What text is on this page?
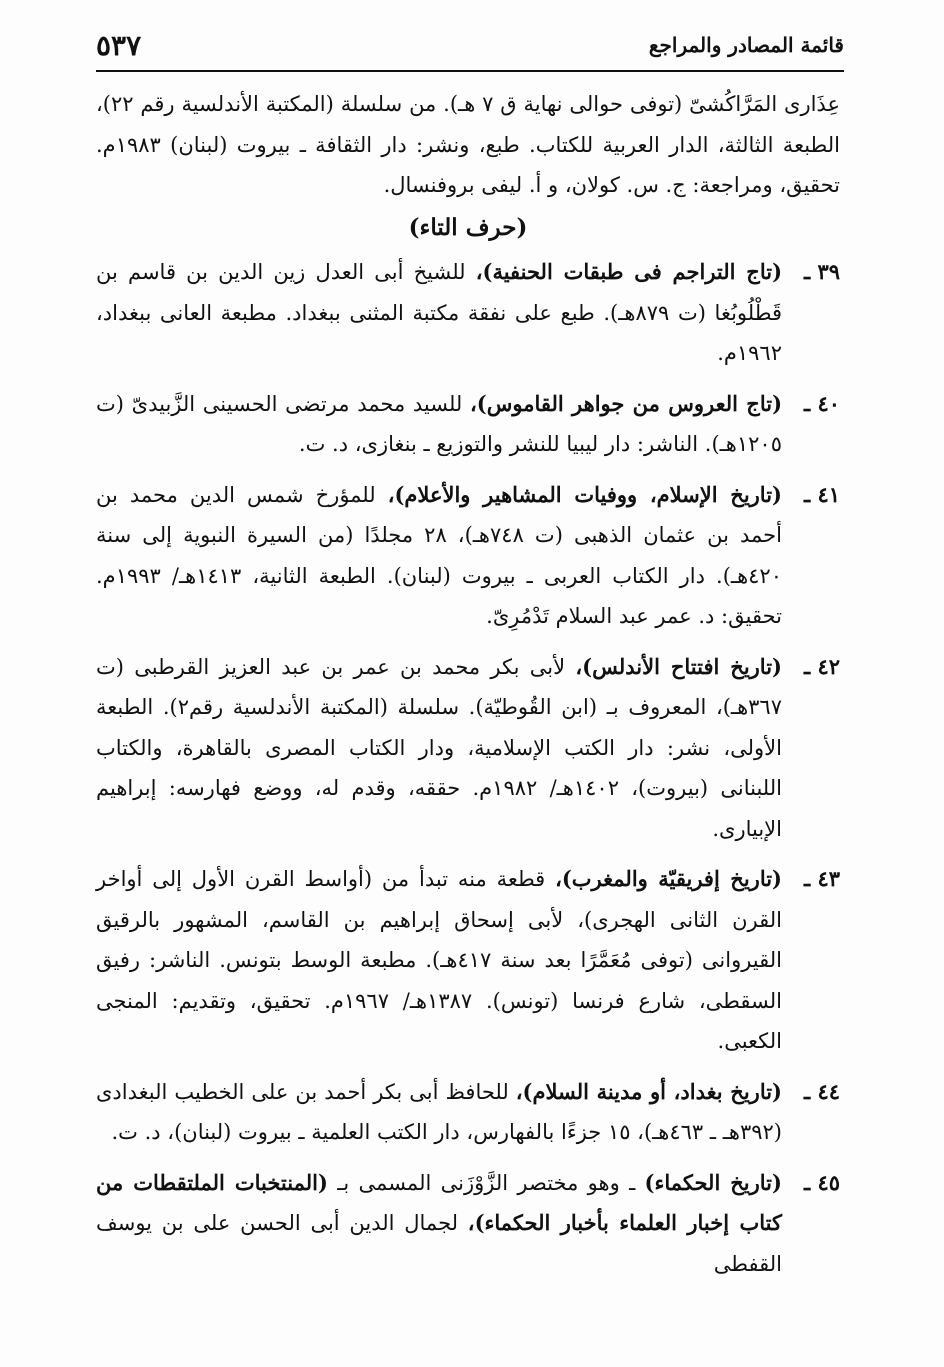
٥٣٧	قائمة المصادر والمراجع

عِذَارى المَرَّاكُشىّ (توفى حوالى نهاية ق ٧ هـ). من سلسلة (المكتبة الأندلسية رقم ٢٢)، الطبعة الثالثة، الدار العربية للكتاب. طبع، ونشر: دار الثقافة ـ بيروت (لبنان) ١٩٨٣م. تحقيق، ومراجعة: ج. س. كولان، و أ. ليفى بروفنسال.

(حرف التاء)
٣٩ ـ
(تاج التراجم فى طبقات الحنفية)، للشيخ أبى العدل زين الدين بن قاسم بن قَطْلُوبُغا (ت ٨٧٩هـ). طبع على نفقة مكتبة المثنى ببغداد. مطبعة العانى ببغداد، ١٩٦٢م.
٤٠ ـ
(تاج العروس من جواهر القاموس)، للسيد محمد مرتضى الحسينى الزَّبيدىّ (ت ١٢٠٥هـ). الناشر: دار ليبيا للنشر والتوزيع ـ بنغازى، د. ت.
٤١ ـ
(تاريخ الإسلام، ووفيات المشاهير والأعلام)، للمؤرخ شمس الدين محمد بن أحمد بن عثمان الذهبى (ت ٧٤٨هـ)، ٢٨ مجلدًا (من السيرة النبوية إلى سنة ٤٢٠هـ). دار الكتاب العربى ـ بيروت (لبنان). الطبعة الثانية، ١٤١٣هـ/ ١٩٩٣م. تحقيق: د. عمر عبد السلام تَدْمُرِىّ.
٤٢ ـ
(تاريخ افتتاح الأندلس)، لأبى بكر محمد بن عمر بن عبد العزيز القرطبى (ت ٣٦٧هـ)، المعروف بـ (ابن القُوطيّة). سلسلة (المكتبة الأندلسية رقم٢). الطبعة الأولى، نشر: دار الكتب الإسلامية، ودار الكتاب المصرى بالقاهرة، والكتاب اللبنانى (بيروت)، ١٤٠٢هـ/ ١٩٨٢م. حققه، وقدم له، ووضع فهارسه: إبراهيم الإبيارى.
٤٣ ـ
(تاريخ إفريقيّة والمغرب)، قطعة منه تبدأ من (أواسط القرن الأول إلى أواخر القرن الثانى الهجرى)، لأبى إسحاق إبراهيم بن القاسم، المشهور بالرقيق القيروانى (توفى مُعَمَّرًا بعد سنة ٤١٧هـ). مطبعة الوسط بتونس. الناشر: رفيق السقطى، شارع فرنسا (تونس). ١٣٨٧هـ/ ١٩٦٧م. تحقيق، وتقديم: المنجى الكعبى.
٤٤ ـ
(تاريخ بغداد، أو مدينة السلام)، للحافظ أبى بكر أحمد بن على الخطيب البغدادى (٣٩٢هـ ـ ٤٦٣هـ)، ١٥ جزءًا بالفهارس، دار الكتب العلمية ـ بيروت (لبنان)، د. ت.
٤٥ ـ
(تاريخ الحكماء) ـ وهو مختصر الزَّوْزَنى المسمى بـ (المنتخبات الملتقطات من كتاب إخبار العلماء بأخبار الحكماء)، لجمال الدين أبى الحسن على بن يوسف القفطى
